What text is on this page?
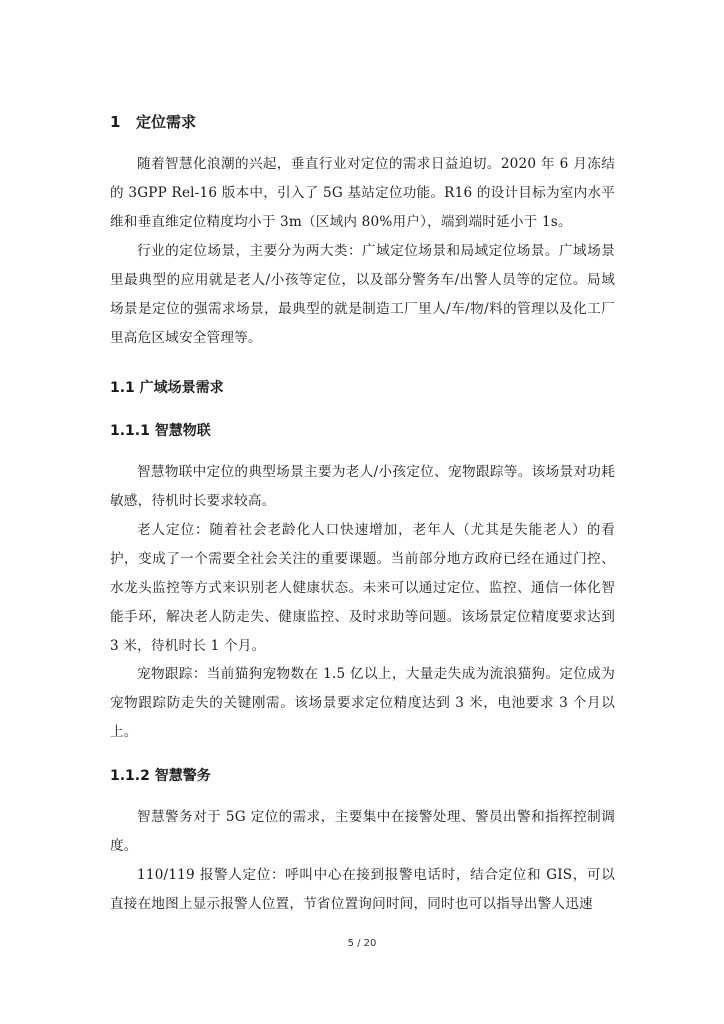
1 定位需求

随着智慧化浪潮的兴起，垂直行业对定位的需求日益迫切。2020 年 6 月冻结的 3GPP Rel-16 版本中，引入了 5G 基站定位功能。R16 的设计目标为室内水平维和垂直维定位精度均小于 3m（区域内 80%用户），端到端时延小于 1s。

行业的定位场景，主要分为两大类：广域定位场景和局域定位场景。广域场景里最典型的应用就是老人/小孩等定位，以及部分警务车/出警人员等的定位。局域场景是定位的强需求场景，最典型的就是制造工厂里人/车/物/料的管理以及化工厂里高危区域安全管理等。

1.1 广域场景需求
1.1.1 智慧物联

智慧物联中定位的典型场景主要为老人/小孩定位、宠物跟踪等。该场景对功耗敏感，待机时长要求较高。

老人定位：随着社会老龄化人口快速增加，老年人（尤其是失能老人）的看护，变成了一个需要全社会关注的重要课题。当前部分地方政府已经在通过门控、水龙头监控等方式来识别老人健康状态。未来可以通过定位、监控、通信一体化智能手环，解决老人防走失、健康监控、及时求助等问题。该场景定位精度要求达到 3 米，待机时长 1 个月。

宠物跟踪：当前猫狗宠物数在 1.5 亿以上，大量走失成为流浪猫狗。定位成为宠物跟踪防走失的关键刚需。该场景要求定位精度达到 3 米，电池要求 3 个月以上。

1.1.2 智慧警务

智慧警务对于 5G 定位的需求，主要集中在接警处理、警员出警和指挥控制调度。

110/119 报警人定位：呼叫中心在接到报警电话时，结合定位和 GIS，可以直接在地图上显示报警人位置，节省位置询问时间，同时也可以指导出警人迅速

5 / 20
